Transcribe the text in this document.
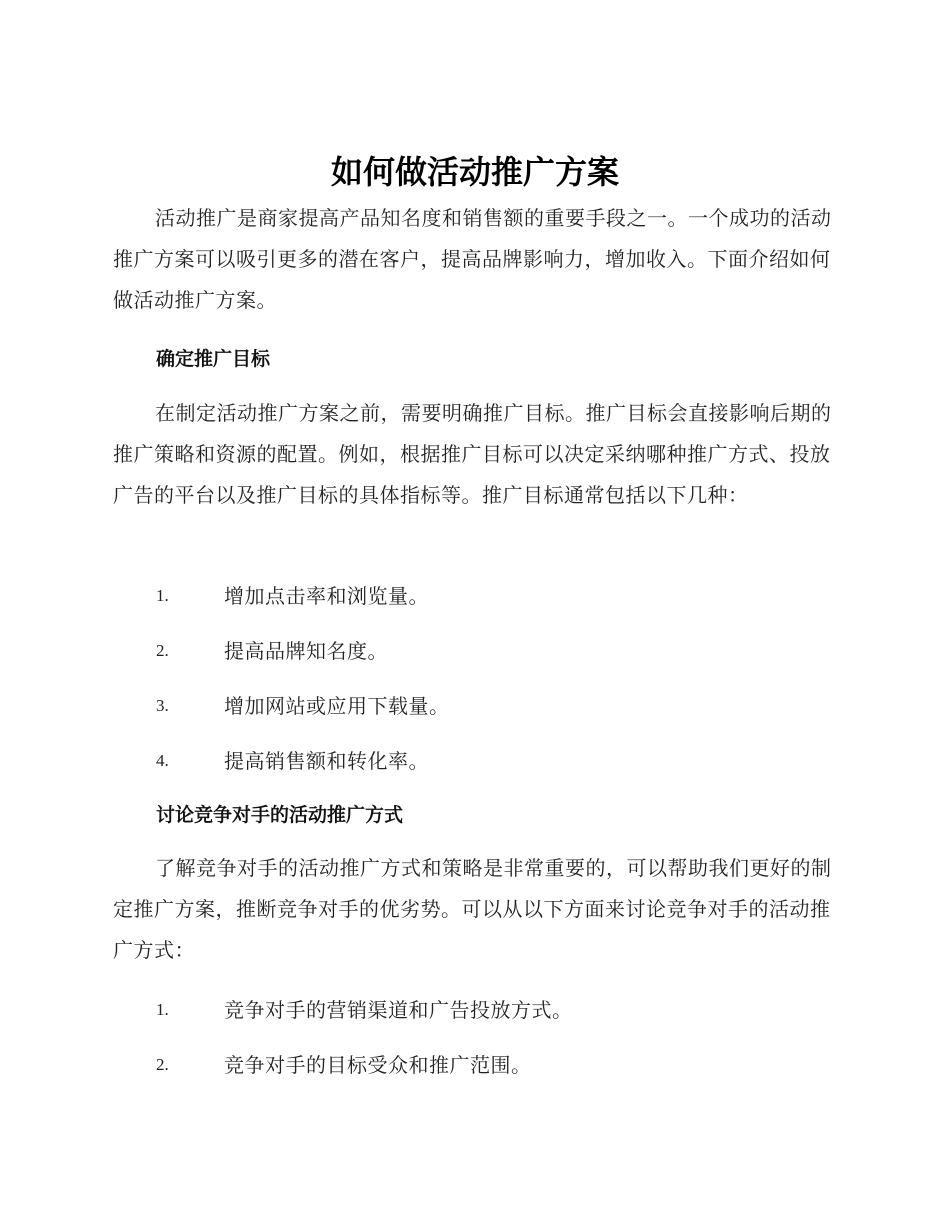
如何做活动推广方案

活动推广是商家提高产品知名度和销售额的重要手段之一。一个成功的活动推广方案可以吸引更多的潜在客户，提高品牌影响力，增加收入。下面介绍如何做活动推广方案。

确定推广目标

在制定活动推广方案之前，需要明确推广目标。推广目标会直接影响后期的推广策略和资源的配置。例如，根据推广目标可以决定采纳哪种推广方式、投放广告的平台以及推广目标的具体指标等。推广目标通常包括以下几种：

1.	增加点击率和浏览量。
2.	提高品牌知名度。
3.	增加网站或应用下载量。
4.	提高销售额和转化率。
讨论竞争对手的活动推广方式

了解竞争对手的活动推广方式和策略是非常重要的，可以帮助我们更好的制定推广方案，推断竞争对手的优劣势。可以从以下方面来讨论竞争对手的活动推广方式：

1.	竞争对手的营销渠道和广告投放方式。
2.	竞争对手的目标受众和推广范围。
